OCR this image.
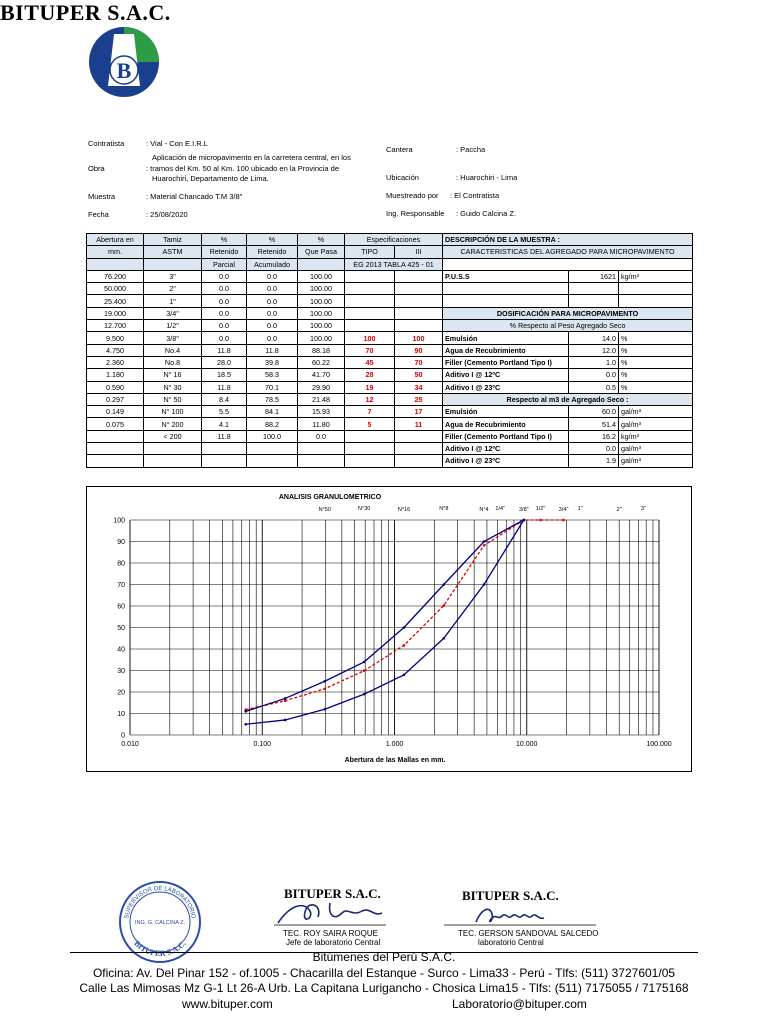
B
BITUPER S.A.C.
Contratista	: Vial - Con E.I.R.L
Obra
Aplicación de micropavimento en la carretera central, en los
: tramos del Km. 50 al Km. 100 ubicado en la Provincia de
Huarochiri, Departamento de Lima.
Muestra	: Material Chancado T.M 3/8"
Fecha	: 25/08/2020
Cantera	: Paccha
Ubicación	: Huarochiri - Lima
Muestreado por : El Contratista
Ing. Responsable : Guido Calcina Z.
Abertura en	Tamiz	%	%	%	Especificaciones		DESCRIPCIÓN DE LA MUESTRA :		
mm.	ASTM	Retenido	Retenido	Que Pasa	TIPO	III	CARACTERISTICAS DEL AGREGADO PARA MICROPAVIMENTO		
		Parcial	Acumulado		EG 2013 TABLA 425 - 01				
76.200	3"	0.0	0.0	100.00			P.U.S.S	1621	kg/m³
50.000	2"	0.0	0.0	100.00					
25.400	1"	0.0	0.0	100.00					
19.000	3/4"	0.0	0.0	100.00			DOSIFICACIÓN PARA MICROPAVIMENTO		
12.700	1/2"	0.0	0.0	100.00			% Respecto al Peso Agregado Seco		
9.500	3/8"	0.0	0.0	100.00	100	100	Emulsión	14.0	%
4.750	No.4	11.8	11.8	88.18	70	90	Agua de Recubrimiento	12.0	%
2.360	No.8	28.0	39.8	60.22	45	70	Filler (Cemento Portland Tipo I)	1.0	%
1.180	N° 16	18.5	58.3	41.70	28	50	Aditivo I @ 12ºC	0.0	%
0.590	N° 30	11.8	70.1	29.90	19	34	Aditivo I @ 23ºC	0.5	%
0.297	N° 50	8.4	78.5	21.48	12	25	Respecto al m3 de Agregado Seco :		
0.149	N° 100	5.5	84.1	15.93	7	17	Emulsión	60.0	gal/m³
0.075	N° 200	4.1	88.2	11.80	5	11	Agua de Recubrimiento	51.4	gal/m³
	< 200	11.8	100.0	0.0			Filler (Cemento Portland Tipo I)	16.2	kg/m³
							Aditivo I @ 12ºC	0.0	gal/m³
							Aditivo I @ 23ºC	1.9	gal/m³
0
10
20
30
40
50
60
70
80
90
100
0.010	0.100	1.000	10.000	100.000
N°50	N°30	N°16	N°8	N°4 1/4"	3/8" 1/2" 3/4" 1"	2"	3"
ANALISIS GRANULOMETRICO
Abertura de las Mallas en mm.
SUPERVISOR DE LABORATORIO
ING. G. CALCINA Z.
BITUPER S.A.C.
BITUPER S.A.C.
TEC. ROY SAIRA ROQUE
Jefe de laboratorio Central
BITUPER S.A.C.
TEC. GERSON SANDOVAL SALCEDO
laboratorio Central
Bitúmenes del Perú S.A.C.
Oficina: Av. Del Pinar 152 - of.1005 - Chacarilla del Estanque - Surco - Lima33 - Perú - Tlfs: (511) 3727601/05
Calle Las Mimosas Mz G-1 Lt 26-A Urb. La Capitana Lurigancho - Chosica Lima15 - Tlfs: (511) 7175055 / 7175168
www.bituper.com	Laboratorio@bituper.com
